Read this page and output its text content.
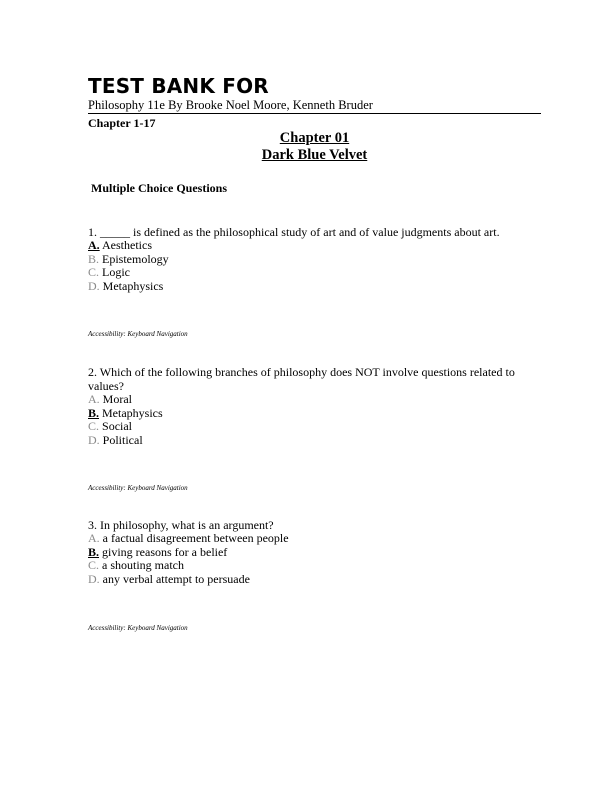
TEST BANK FOR
Philosophy 11e By Brooke Noel Moore, Kenneth Bruder
Chapter 1-17
Chapter 01
Dark Blue Velvet
Multiple Choice Questions
1. _____ is defined as the philosophical study of art and of value judgments about art.
A. Aesthetics
B. Epistemology
C. Logic
D. Metaphysics
Accessibility: Keyboard Navigation
2. Which of the following branches of philosophy does NOT involve questions related to values?
A. Moral
B. Metaphysics
C. Social
D. Political
Accessibility: Keyboard Navigation
3. In philosophy, what is an argument?
A. a factual disagreement between people
B. giving reasons for a belief
C. a shouting match
D. any verbal attempt to persuade
Accessibility: Keyboard Navigation
